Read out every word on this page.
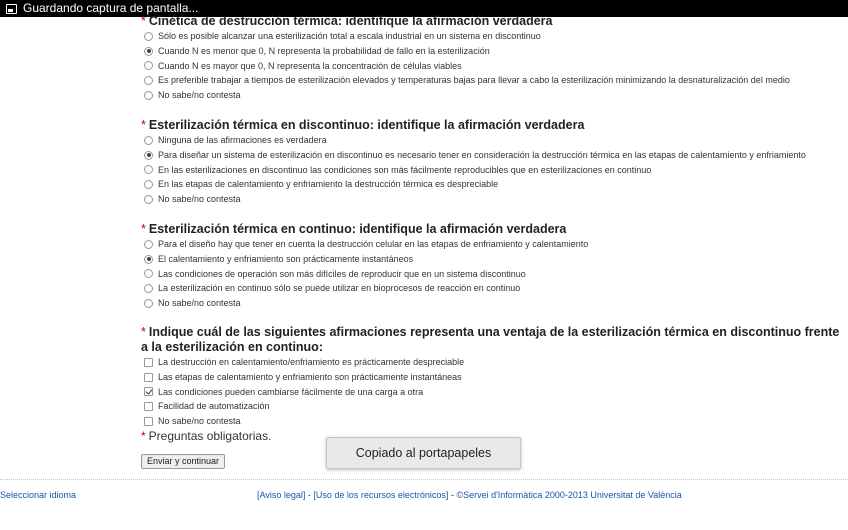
Guardando captura de pantalla...
* Cinética de destrucción térmica: identifique la afirmación verdadera
Sólo es posible alcanzar una esterilización total a escala industrial en un sistema en discontinuo
Cuando N es menor que 0, N representa la probabilidad de fallo en la esterilización
Cuando N es mayor que 0, N representa la concentración de células viables
Es preferible trabajar a tiempos de esterilización elevados y temperaturas bajas para llevar a cabo la esterilización minimizando la desnaturalización del medio
No sabe/no contesta
* Esterilización térmica en discontinuo: identifique la afirmación verdadera
Ninguna de las afirmaciones es verdadera
Para diseñar un sistema de esterilización en discontinuo es necesario tener en consideración la destrucción térmica en las etapas de calentamiento y enfriamiento
En las esterilizaciones en discontinuo las condiciones son más fácilmente reproducibles que en esterilizaciones en continuo
En las etapas de calentamiento y enfriamiento la destrucción térmica es despreciable
No sabe/no contesta
* Esterilización térmica en continuo: identifique la afirmación verdadera
Para el diseño hay que tener en cuenta la destrucción celular en las etapas de enfriamiento y calentamiento
El calentamiento y enfriamiento son prácticamente instantáneos
Las condiciones de operación son más difíciles de reproducir que en un sistema discontinuo
La esterilización en continuo sólo se puede utilizar en bioprocesos de reacción en continuo
No sabe/no contesta
* Indique cuál de las siguientes afirmaciones representa una ventaja de la esterilización térmica en discontinuo frente a la esterilización en continuo:
La destrucción en calentamiento/enfriamiento es prácticamente despreciable
Las etapas de calentamiento y enfriamiento son prácticamente instantáneas
Las condiciones pueden cambiarse fácilmente de una carga a otra
Facilidad de automatización
No sabe/no contesta
* Preguntas obligatorias.
Enviar y continuar
Copiado al portapapeles
Seleccionar idioma	[Aviso legal] - [Uso de los recursos electrónicos] - ©Servei d'Informàtica 2000-2013 Universitat de València
